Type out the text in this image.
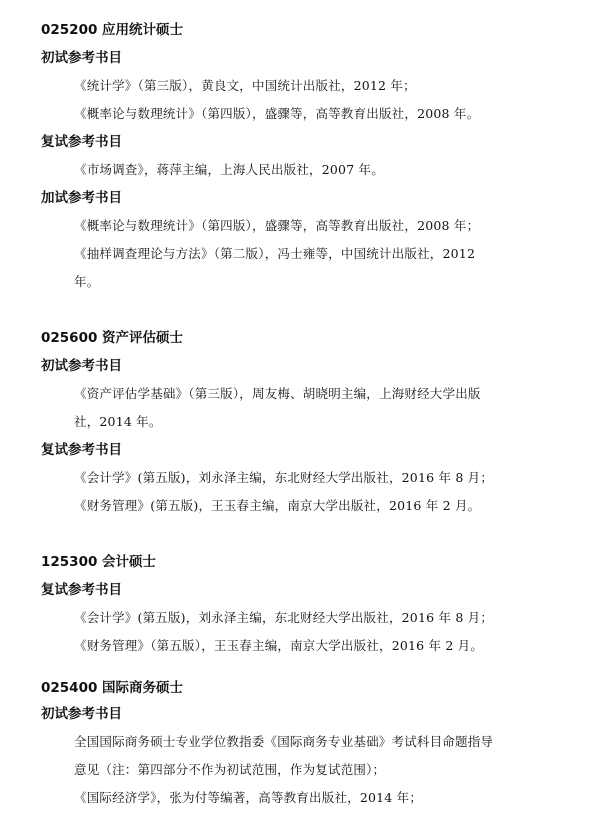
025200 应用统计硕士
初试参考书目
《统计学》（第三版），黄良文，中国统计出版社，2012 年；
《概率论与数理统计》（第四版），盛骤等，高等教育出版社，2008 年。
复试参考书目
《市场调查》，蒋萍主编，上海人民出版社，2007 年。
加试参考书目
《概率论与数理统计》（第四版），盛骤等，高等教育出版社，2008 年；
《抽样调查理论与方法》（第二版），冯士雍等，中国统计出版社，2012
年。
025600 资产评估硕士
初试参考书目
《资产评估学基础》（第三版），周友梅、胡晓明主编，上海财经大学出版
社，2014 年。
复试参考书目
《会计学》(第五版)，刘永泽主编，东北财经大学出版社，2016 年 8 月；
《财务管理》(第五版)，王玉春主编，南京大学出版社，2016 年 2 月。
125300 会计硕士
复试参考书目
《会计学》(第五版)，刘永泽主编，东北财经大学出版社，2016 年 8 月；
《财务管理》（第五版），王玉春主编，南京大学出版社，2016 年 2 月。
025400 国际商务硕士
初试参考书目
全国国际商务硕士专业学位教指委《国际商务专业基础》考试科目命题指导
意见（注：第四部分不作为初试范围，作为复试范围）；
《国际经济学》，张为付等编著，高等教育出版社，2014 年；
